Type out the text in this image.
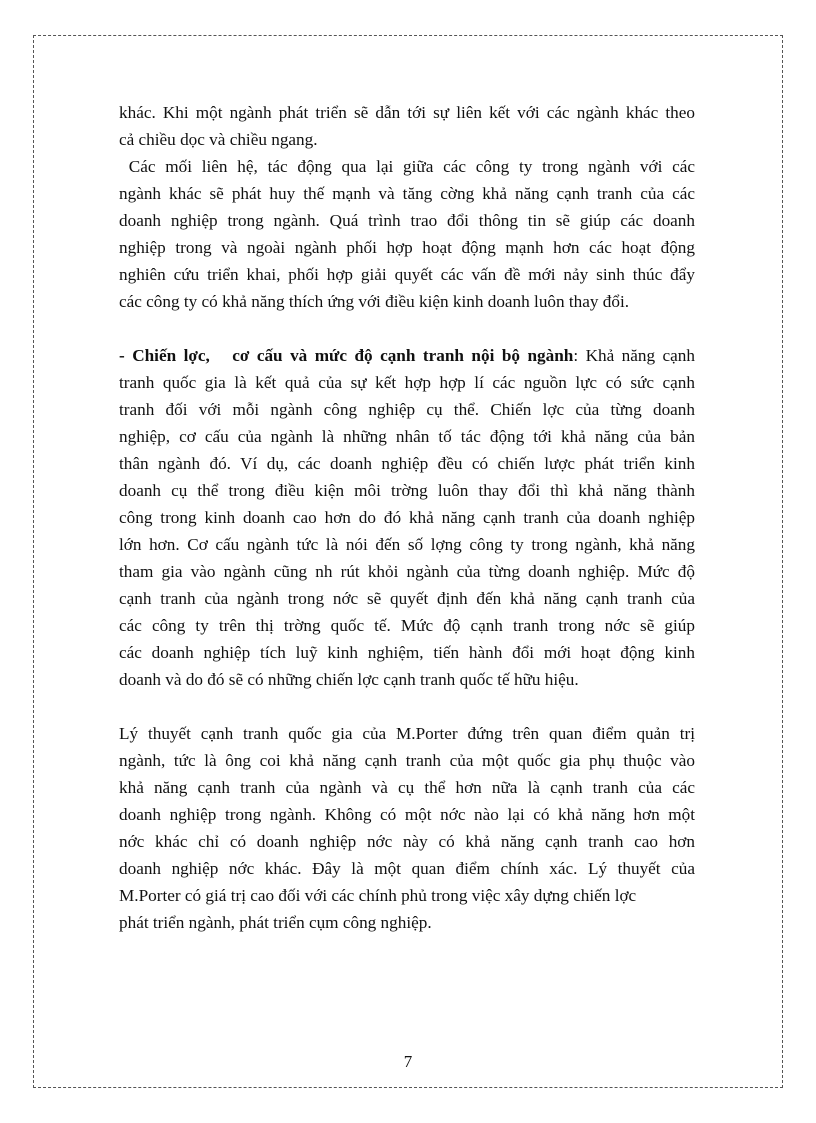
khác. Khi một ngành phát triển sẽ dẫn tới sự liên kết với các ngành khác theo
cả chiều dọc và chiều ngang.
Các mối liên hệ, tác động qua lại giữa các công ty trong ngành với các
ngành khác sẽ phát huy thế mạnh và tăng cờng khả năng cạnh tranh của các
doanh nghiệp trong ngành. Quá trình trao đổi thông tin sẽ giúp các doanh
nghiệp trong và ngoài ngành phối hợp hoạt động mạnh hơn các hoạt động
nghiên cứu triển khai, phối hợp giải quyết các vấn đề mới nảy sinh thúc đẩy
các công ty có khả năng thích ứng với điều kiện kinh doanh luôn thay đổi.
- Chiến lợc,   cơ cấu và mức độ cạnh tranh nội bộ ngành: Khả năng cạnh
tranh quốc gia là kết quả của sự kết hợp hợp lí các nguồn lực có sức cạnh
tranh đối với mỗi ngành công nghiệp cụ thể. Chiến lợc của từng doanh
nghiệp, cơ cấu của ngành là những nhân tố tác động tới khả năng của bản
thân ngành đó. Ví dụ, các doanh nghiệp đều có chiến lược phát triển kinh
doanh cụ thể trong điều kiện môi trờng luôn thay đổi thì khả năng thành
công trong kinh doanh cao hơn do đó khả năng cạnh tranh của doanh nghiệp
lớn hơn. Cơ cấu ngành tức là nói đến số lợng công ty trong ngành, khả năng
tham gia vào ngành cũng nh rút khỏi ngành của từng doanh nghiệp. Mức độ
cạnh tranh của ngành trong nớc sẽ quyết định đến khả năng cạnh tranh của
các công ty trên thị trờng quốc tế. Mức độ cạnh tranh trong nớc sẽ giúp
các doanh nghiệp tích luỹ kinh nghiệm, tiến hành đổi mới hoạt động kinh
doanh và do đó sẽ có những chiến lợc cạnh tranh quốc tế hữu hiệu.
Lý thuyết cạnh tranh quốc gia của M.Porter đứng trên quan điểm quản trị
ngành, tức là ông coi khả năng cạnh tranh của một quốc gia phụ thuộc vào
khả năng cạnh tranh của ngành và cụ thể hơn nữa là cạnh tranh của các
doanh nghiệp trong ngành. Không có một nớc nào lại có khả năng hơn một
nớc khác chỉ có doanh nghiệp nớc này có khả năng cạnh tranh cao hơn
doanh nghiệp nớc khác. Đây là một quan điểm chính xác. Lý thuyết của
M.Porter có giá trị cao đối với các chính phủ trong việc xây dựng chiến lợc
phát triển ngành, phát triển cụm công nghiệp.
7
